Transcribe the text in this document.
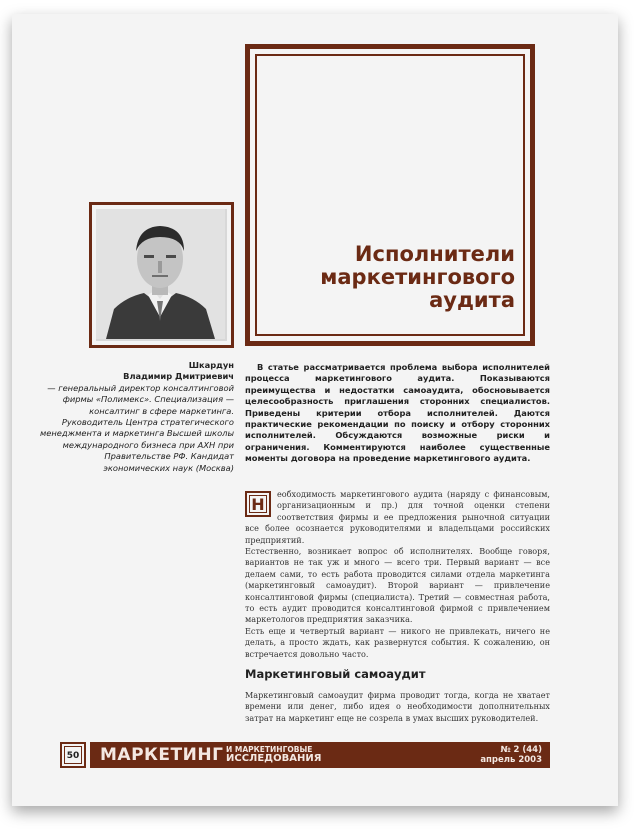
Исполнители
маркетингового
аудита
Шкардун
Владимир Дмитриевич
— генеральный директор консалтинговой фирмы «Полимекс». Специализация — консалтинг в сфере маркетинга. Руководитель Центра стратегического менеджмента и маркетинга Высшей школы международного бизнеса при АХН при Правительстве РФ. Кандидат экономических наук (Москва)
В статье рассматривается проблема выбора исполнителей процесса маркетингового аудита. Показываются преимущества и недостатки самоаудита, обосновывается целесообразность приглашения сторонних специалистов. Приведены критерии отбора исполнителей. Даются практические рекомендации по поиску и отбору сторонних исполнителей. Обсуждаются возможные риски и ограничения. Комментируются наиболее существенные моменты договора на проведение маркетингового аудита.

Н
еобходимость маркетингового аудита (наряду с финансовым, организационным и пр.) для точной оценки степени соответствия фирмы и ее предложения рыночной ситуации все более осознается руководителями и владельцами российских предприятий.

Естественно, возникает вопрос об исполнителях. Вообще говоря, вариантов не так уж и много — всего три. Первый вариант — все делаем сами, то есть работа проводится силами отдела маркетинга (маркетинговый самоаудит). Второй вариант — привлечение консалтинговой фирмы (специалиста). Третий — совместная работа, то есть аудит проводится консалтинговой фирмой с привлечением маркетологов предприятия заказчика.

Есть еще и четвертый вариант — никого не привлекать, ничего не делать, а просто ждать, как развернутся события. К сожалению, он встречается довольно часто.

Маркетинговый самоаудит
Маркетинговый самоаудит фирма проводит тогда, когда не хватает времени или денег, либо идея о необходимости дополнительных затрат на маркетинг еще не созрела в умах высших руководителей.
50 МАРКЕТИНГ И МАРКЕТИНГОВЫЕ
ИССЛЕДОВАНИЯ
№ 2 (44)
апрель 2003
